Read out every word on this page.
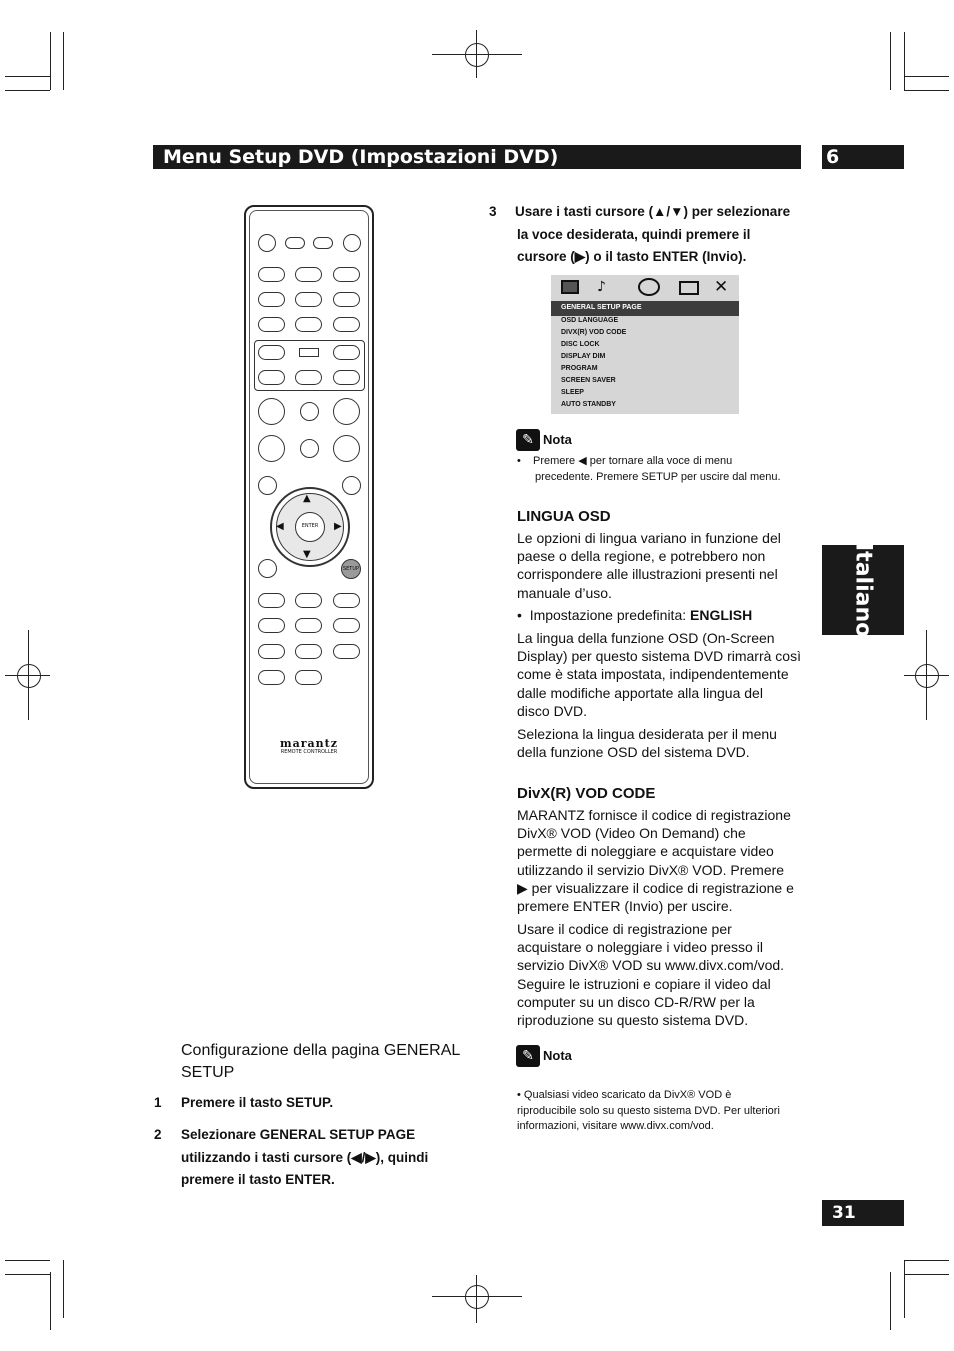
Menu Setup DVD (Impostazioni DVD)	6
Italiano
▲
▼
◀	▶
ENTER
SETUP
marantz
REMOTE CONTROLLER
Configurazione della pagina GENERAL
SETUP
1 Premere il tasto SETUP.
2 Selezionare GENERAL SETUP PAGE
utilizzando i tasti cursore (◀/▶), quindi
premere il tasto ENTER.
3 Usare i tasti cursore (▲/▼) per selezionare
la voce desiderata, quindi premere il
cursore (▶) o il tasto ENTER (Invio).
♪	✕
GENERAL SETUP PAGE
OSD LANGUAGE
DIVX(R) VOD CODE
DISC LOCK
DISPLAY DIM
PROGRAM
SCREEN SAVER
SLEEP
AUTO STANDBY
✎ Nota
• Premere ◀ per tornare alla voce di menu
precedente. Premere SETUP per uscire dal menu.
LINGUA OSD
Le opzioni di lingua variano in funzione del
paese o della regione, e potrebbero non
corrispondere alle illustrazioni presenti nel
manuale d’uso.
•  Impostazione predefinita: ENGLISH
La lingua della funzione OSD (On-Screen
Display) per questo sistema DVD rimarrà così
come è stata impostata, indipendentemente
dalle modifiche apportate alla lingua del
disco DVD.
Seleziona la lingua desiderata per il menu
della funzione OSD del sistema DVD.
DivX(R) VOD CODE
MARANTZ fornisce il codice di registrazione
DivX® VOD (Video On Demand) che
permette di noleggiare e acquistare video
utilizzando il servizio DivX® VOD. Premere
▶ per visualizzare il codice di registrazione e
premere ENTER (Invio) per uscire.
Usare il codice di registrazione per
acquistare o noleggiare i video presso il
servizio DivX® VOD su www.divx.com/vod.
Seguire le istruzioni e copiare il video dal
computer su un disco CD-R/RW per la
riproduzione su questo sistema DVD.
✎ Nota
• Qualsiasi video scaricato da DivX® VOD è
riproducibile solo su questo sistema DVD. Per ulteriori
informazioni, visitare www.divx.com/vod.
31
